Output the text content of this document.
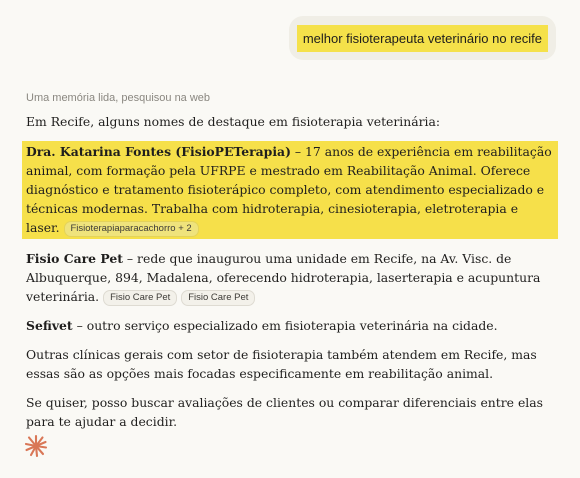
melhor fisioterapeuta veterinário no recife
Uma memória lida, pesquisou na web

Em Recife, alguns nomes de destaque em fisioterapia veterinária:

Dra. Katarina Fontes (FisioPETerapia) – 17 anos de experiência em reabilitação animal, com formação pela UFRPE e mestrado em Reabilitação Animal. Oferece diagnóstico e tratamento fisioterápico completo, com atendimento especializado e técnicas modernas. Trabalha com hidroterapia, cinesioterapia, eletroterapia e laser. Fisioterapiaparacachorro + 2

Fisio Care Pet – rede que inaugurou uma unidade em Recife, na Av. Visc. de Albuquerque, 894, Madalena, oferecendo hidroterapia, laserterapia e acupuntura veterinária. Fisio Care Pet Fisio Care Pet

Sefivet – outro serviço especializado em fisioterapia veterinária na cidade.

Outras clínicas gerais com setor de fisioterapia também atendem em Recife, mas essas são as opções mais focadas especificamente em reabilitação animal.

Se quiser, posso buscar avaliações de clientes ou comparar diferenciais entre elas para te ajudar a decidir.
